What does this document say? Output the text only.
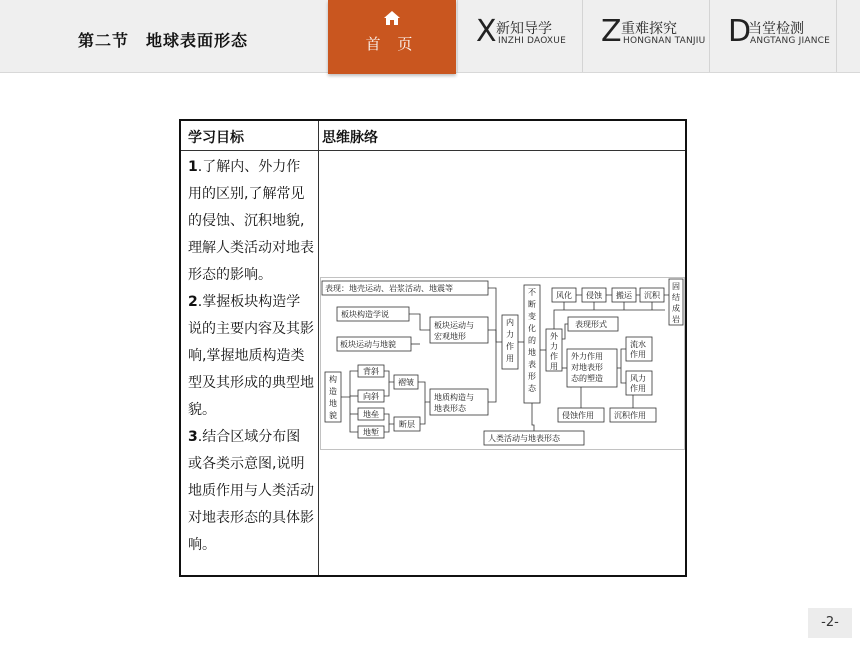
第二节　地球表面形态	首 页	X 新知导学
INZHI DAOXUE Z 重难探究
HONGNAN TANJIU D
当堂检测
ANGTANG JIANCE
学习目标	思维脉络

1.了解内、外力作用的区别,了解常见的侵蚀、沉积地貌,理解人类活动对地表形态的影响。

2.掌握板块构造学说的主要内容及其影响,掌握地质构造类型及其形成的典型地貌。

3.结合区域分布图或各类示意图,说明地质作用与人类活动对地表形态的具体影响。

表现：地壳运动、岩浆活动、地震等
板块构造学说
板块运动与地貌
板块运动与
宏观地形
内
力
作
用
构
造
地
貌
背斜
向斜
地垒
地堑
褶皱
断层
地质构造与
地表形态
不
断
变
化
的
地
表
形
态
人类活动与地表形态
外
力
作
用
风化 侵蚀 搬运 沉积
固
结
成
岩
表现形式
外力作用
对地表形
态的塑造
流水
作用
风力
作用
侵蚀作用	沉积作用
-2-
